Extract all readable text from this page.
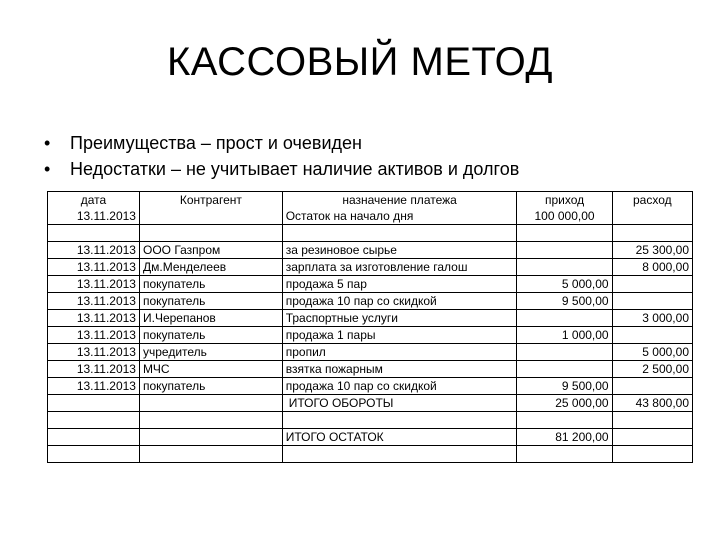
КАССОВЫЙ МЕТОД
• Преимущества – прост и очевиден
• Недостатки – не учитывает наличие активов и долгов
дата	Контрагент	назначение платежа	приход	расход
13.11.2013		Остаток на начало дня	100 000,00	

13.11.2013	ООО Газпром	за резиновое сырье		25 300,00
13.11.2013	Дм.Менделеев	зарплата за изготовление галош		8 000,00
13.11.2013	покупатель	продажа 5 пар	5 000,00	
13.11.2013	покупатель	продажа 10 пар со скидкой	9 500,00	
13.11.2013	И.Черепанов	Траспортные услуги		3 000,00
13.11.2013	покупатель	продажа 1 пары	1 000,00	
13.11.2013	учредитель	пропил		5 000,00
13.11.2013	МЧС	взятка пожарным		2 500,00
13.11.2013	покупатель	продажа 10 пар со скидкой	9 500,00	
		ИТОГО ОБОРОТЫ	25 000,00	43 800,00

		ИТОГО ОСТАТОК	81 200,00	
